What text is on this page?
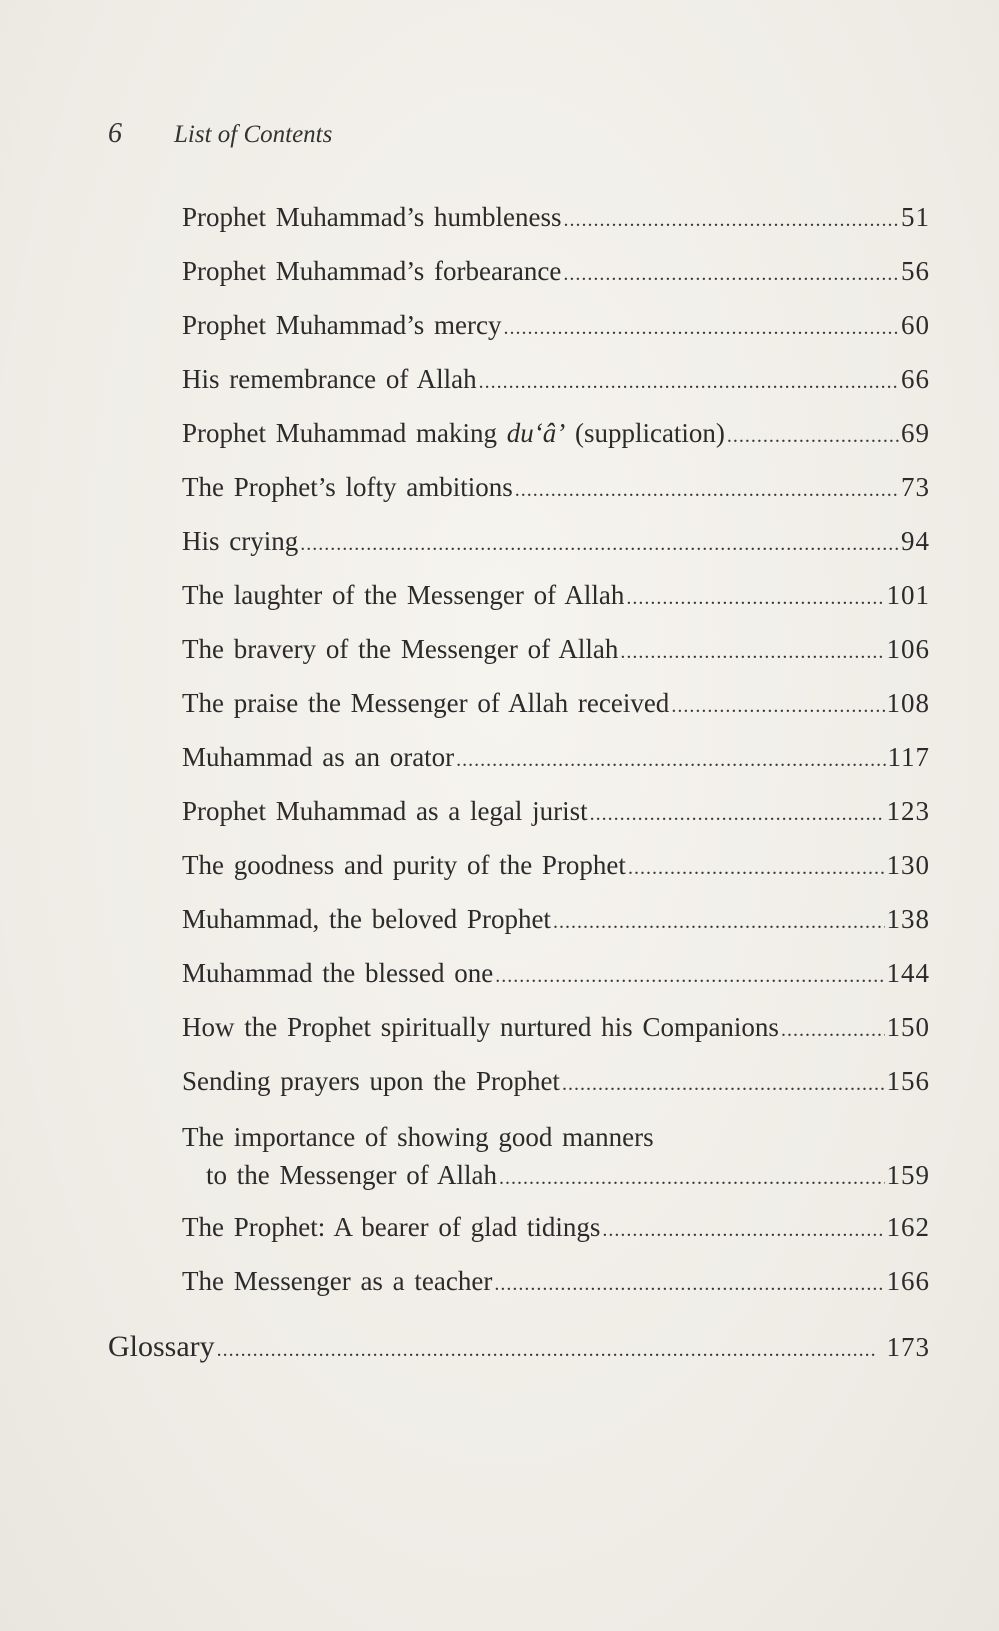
6 List of Contents
Prophet Muhammad’s humbleness .....	51
Prophet Muhammad’s forbearance .....	56
Prophet Muhammad’s mercy .....	60
His remembrance of Allah .....	66
Prophet Muhammad making du‘â’ (supplication) .....	69
The Prophet’s lofty ambitions .....	73
His crying .....	94
The laughter of the Messenger of Allah .....	101
The bravery of the Messenger of Allah .....	106
The praise the Messenger of Allah received .....	108
Muhammad as an orator .....	117
Prophet Muhammad as a legal jurist .....	123
The goodness and purity of the Prophet .....	130
Muhammad, the beloved Prophet .....	138
Muhammad the blessed one .....	144
How the Prophet spiritually nurtured his Companions .....	150
Sending prayers upon the Prophet .....	156
The importance of showing good manners
to the Messenger of Allah .....	159
The Prophet: A bearer of glad tidings .....	162
The Messenger as a teacher .....	166
Glossary .....	173
